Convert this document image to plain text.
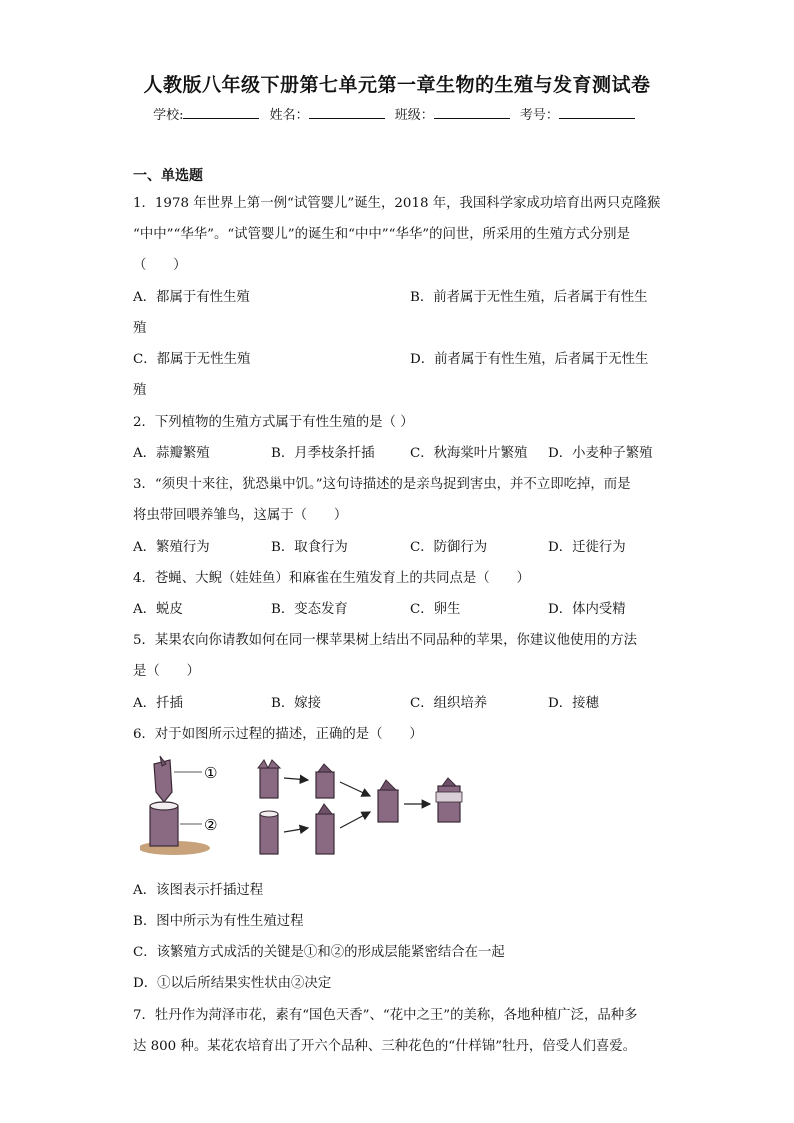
人教版八年级下册第七单元第一章生物的生殖与发育测试卷
学校:	姓名：	班级：	考号：
一、单选题
1．1978 年世界上第一例“试管婴儿”诞生，2018 年，我国科学家成功培育出两只克隆猴
“中中”“华华”。“试管婴儿”的诞生和“中中”“华华”的问世，所采用的生殖方式分别是
（　　）
A．都属于有性生殖	B．前者属于无性生殖，后者属于有性生
殖
C．都属于无性生殖	D．前者属于有性生殖，后者属于无性生
殖
2．下列植物的生殖方式属于有性生殖的是（ ）
A．蒜瓣繁殖	B．月季枝条扦插	C．秋海棠叶片繁殖 D．小麦种子繁殖
3．“须臾十来往，犹恐巢中饥。”这句诗描述的是亲鸟捉到害虫，并不立即吃掉，而是
将虫带回喂养雏鸟，这属于（　　）
A．繁殖行为	B．取食行为	C．防御行为	D．迁徙行为
4．苍蝇、大鲵（娃娃鱼）和麻雀在生殖发育上的共同点是（　　）
A．蜕皮	B．变态发育	C．卵生	D．体内受精
5．某果农向你请教如何在同一棵苹果树上结出不同品种的苹果，你建议他使用的方法
是（　　）
A．扦插	B．嫁接	C．组织培养	D．接穗
6．对于如图所示过程的描述，正确的是（　　）
①
②
A．该图表示扦插过程
B．图中所示为有性生殖过程
C．该繁殖方式成活的关键是①和②的形成层能紧密结合在一起
D．①以后所结果实性状由②决定
7．牡丹作为菏泽市花，素有“国色天香”、“花中之王”的美称，各地种植广泛，品种多
达 800 种。某花农培育出了开六个品种、三种花色的“什样锦”牡丹，倍受人们喜爱。
